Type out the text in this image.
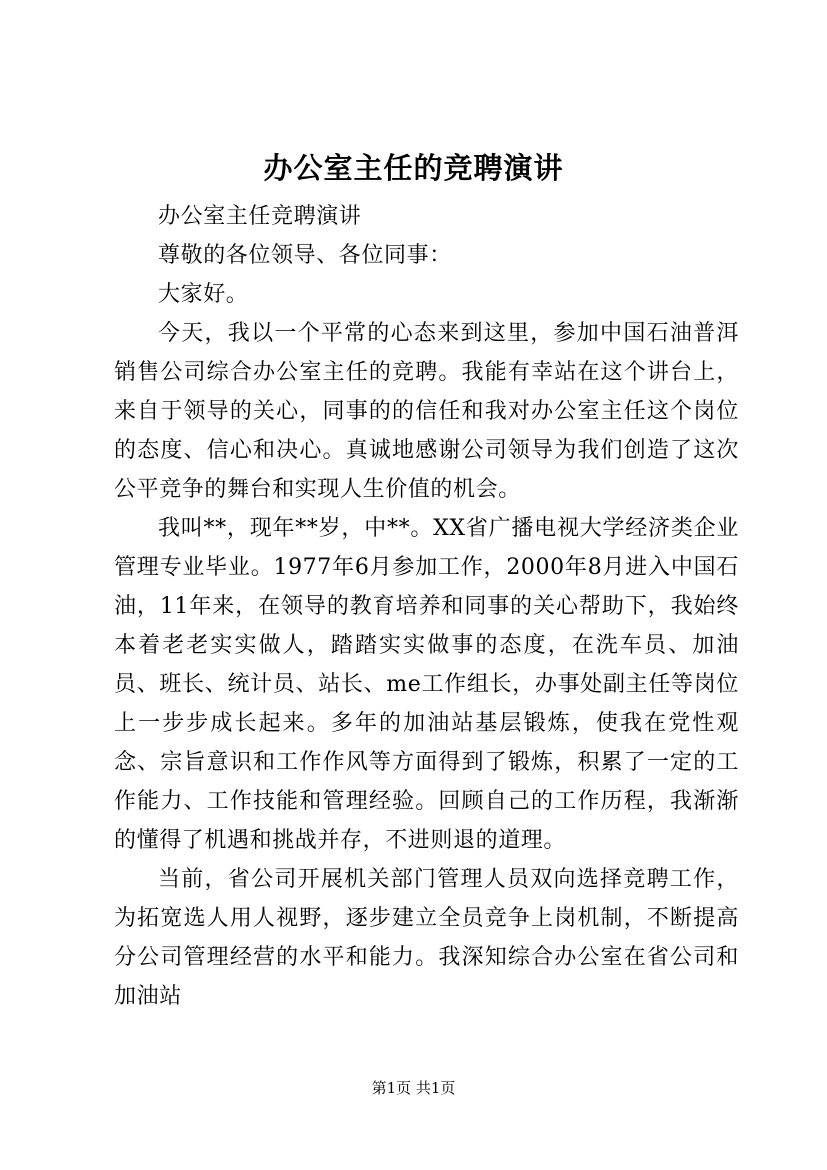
办公室主任的竞聘演讲

办公室主任竞聘演讲

尊敬的各位领导、各位同事：

大家好。

今天，我以一个平常的心态来到这里，参加中国石油普洱销售公司综合办公室主任的竞聘。我能有幸站在这个讲台上，来自于领导的关心，同事的的信任和我对办公室主任这个岗位的态度、信心和决心。真诚地感谢公司领导为我们创造了这次公平竞争的舞台和实现人生价值的机会。

我叫**，现年**岁，中**。XX省广播电视大学经济类企业管理专业毕业。1977年6月参加工作，2000年8月进入中国石油，11年来，在领导的教育培养和同事的关心帮助下，我始终本着老老实实做人，踏踏实实做事的态度，在洗车员、加油员、班长、统计员、站长、me工作组长，办事处副主任等岗位上一步步成长起来。多年的加油站基层锻炼，使我在党性观念、宗旨意识和工作作风等方面得到了锻炼，积累了一定的工作能力、工作技能和管理经验。回顾自己的工作历程，我渐渐的懂得了机遇和挑战并存，不进则退的道理。

当前，省公司开展机关部门管理人员双向选择竞聘工作，为拓宽选人用人视野，逐步建立全员竞争上岗机制，不断提高分公司管理经营的水平和能力。我深知综合办公室在省公司和加油站

第1页 共1页
